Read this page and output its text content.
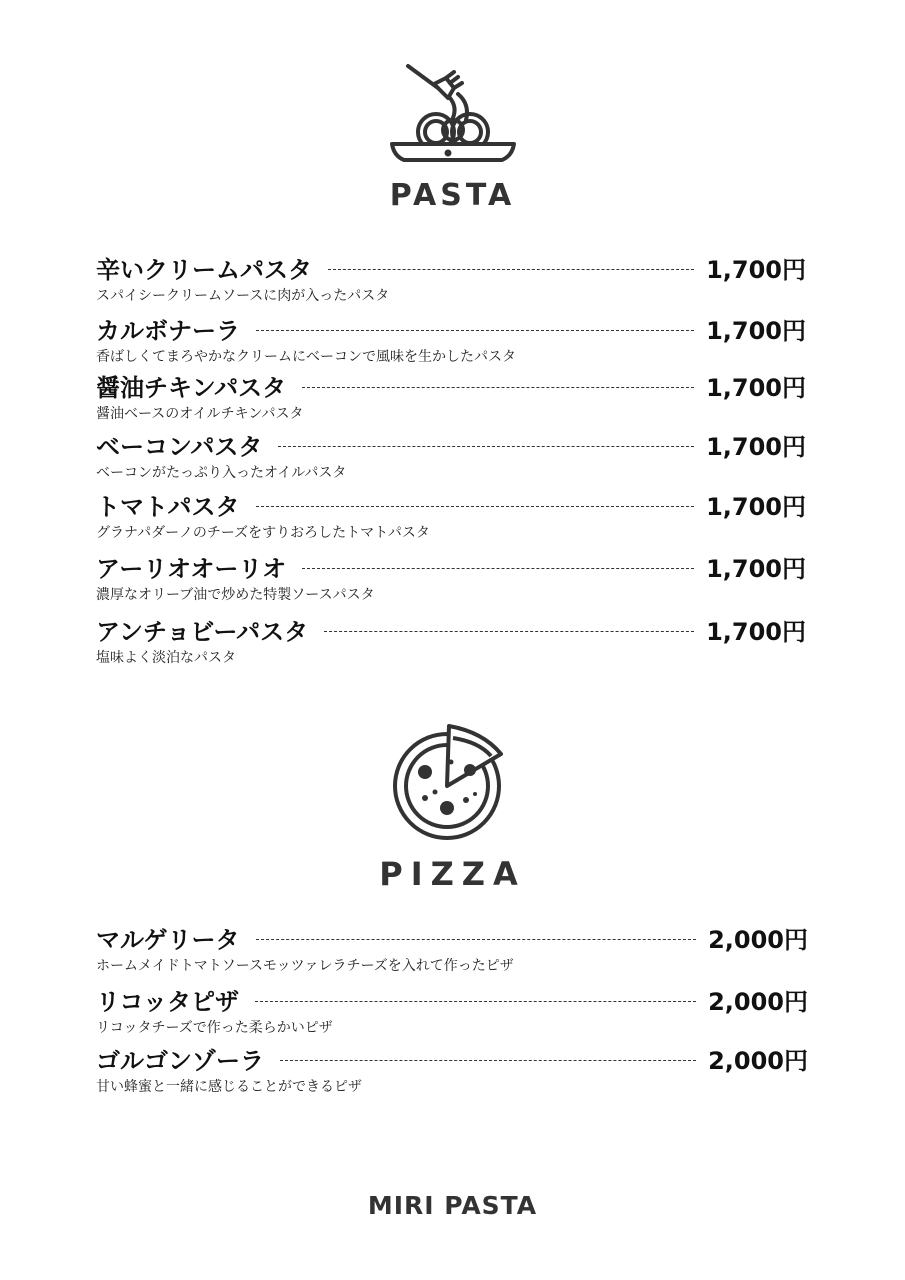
PASTA
辛いクリームパスタ	1,700円
スパイシークリームソースに肉が入ったパスタ
カルボナーラ	1,700円
香ばしくてまろやかなクリームにベーコンで風味を生かしたパスタ
醤油チキンパスタ	1,700円
醤油ベースのオイルチキンパスタ
ベーコンパスタ	1,700円
ベーコンがたっぷり入ったオイルパスタ
トマトパスタ	1,700円
グラナパダーノのチーズをすりおろしたトマトパスタ
アーリオオーリオ	1,700円
濃厚なオリーブ油で炒めた特製ソースパスタ
アンチョビーパスタ	1,700円
塩味よく淡泊なパスタ
PIZZA
マルゲリータ	2,000円
ホームメイドトマトソースモッツァレラチーズを入れて作ったピザ
リコッタピザ	2,000円
リコッタチーズで作った柔らかいピザ
ゴルゴンゾーラ	2,000円
甘い蜂蜜と一緒に感じることができるピザ
MIRI PASTA
